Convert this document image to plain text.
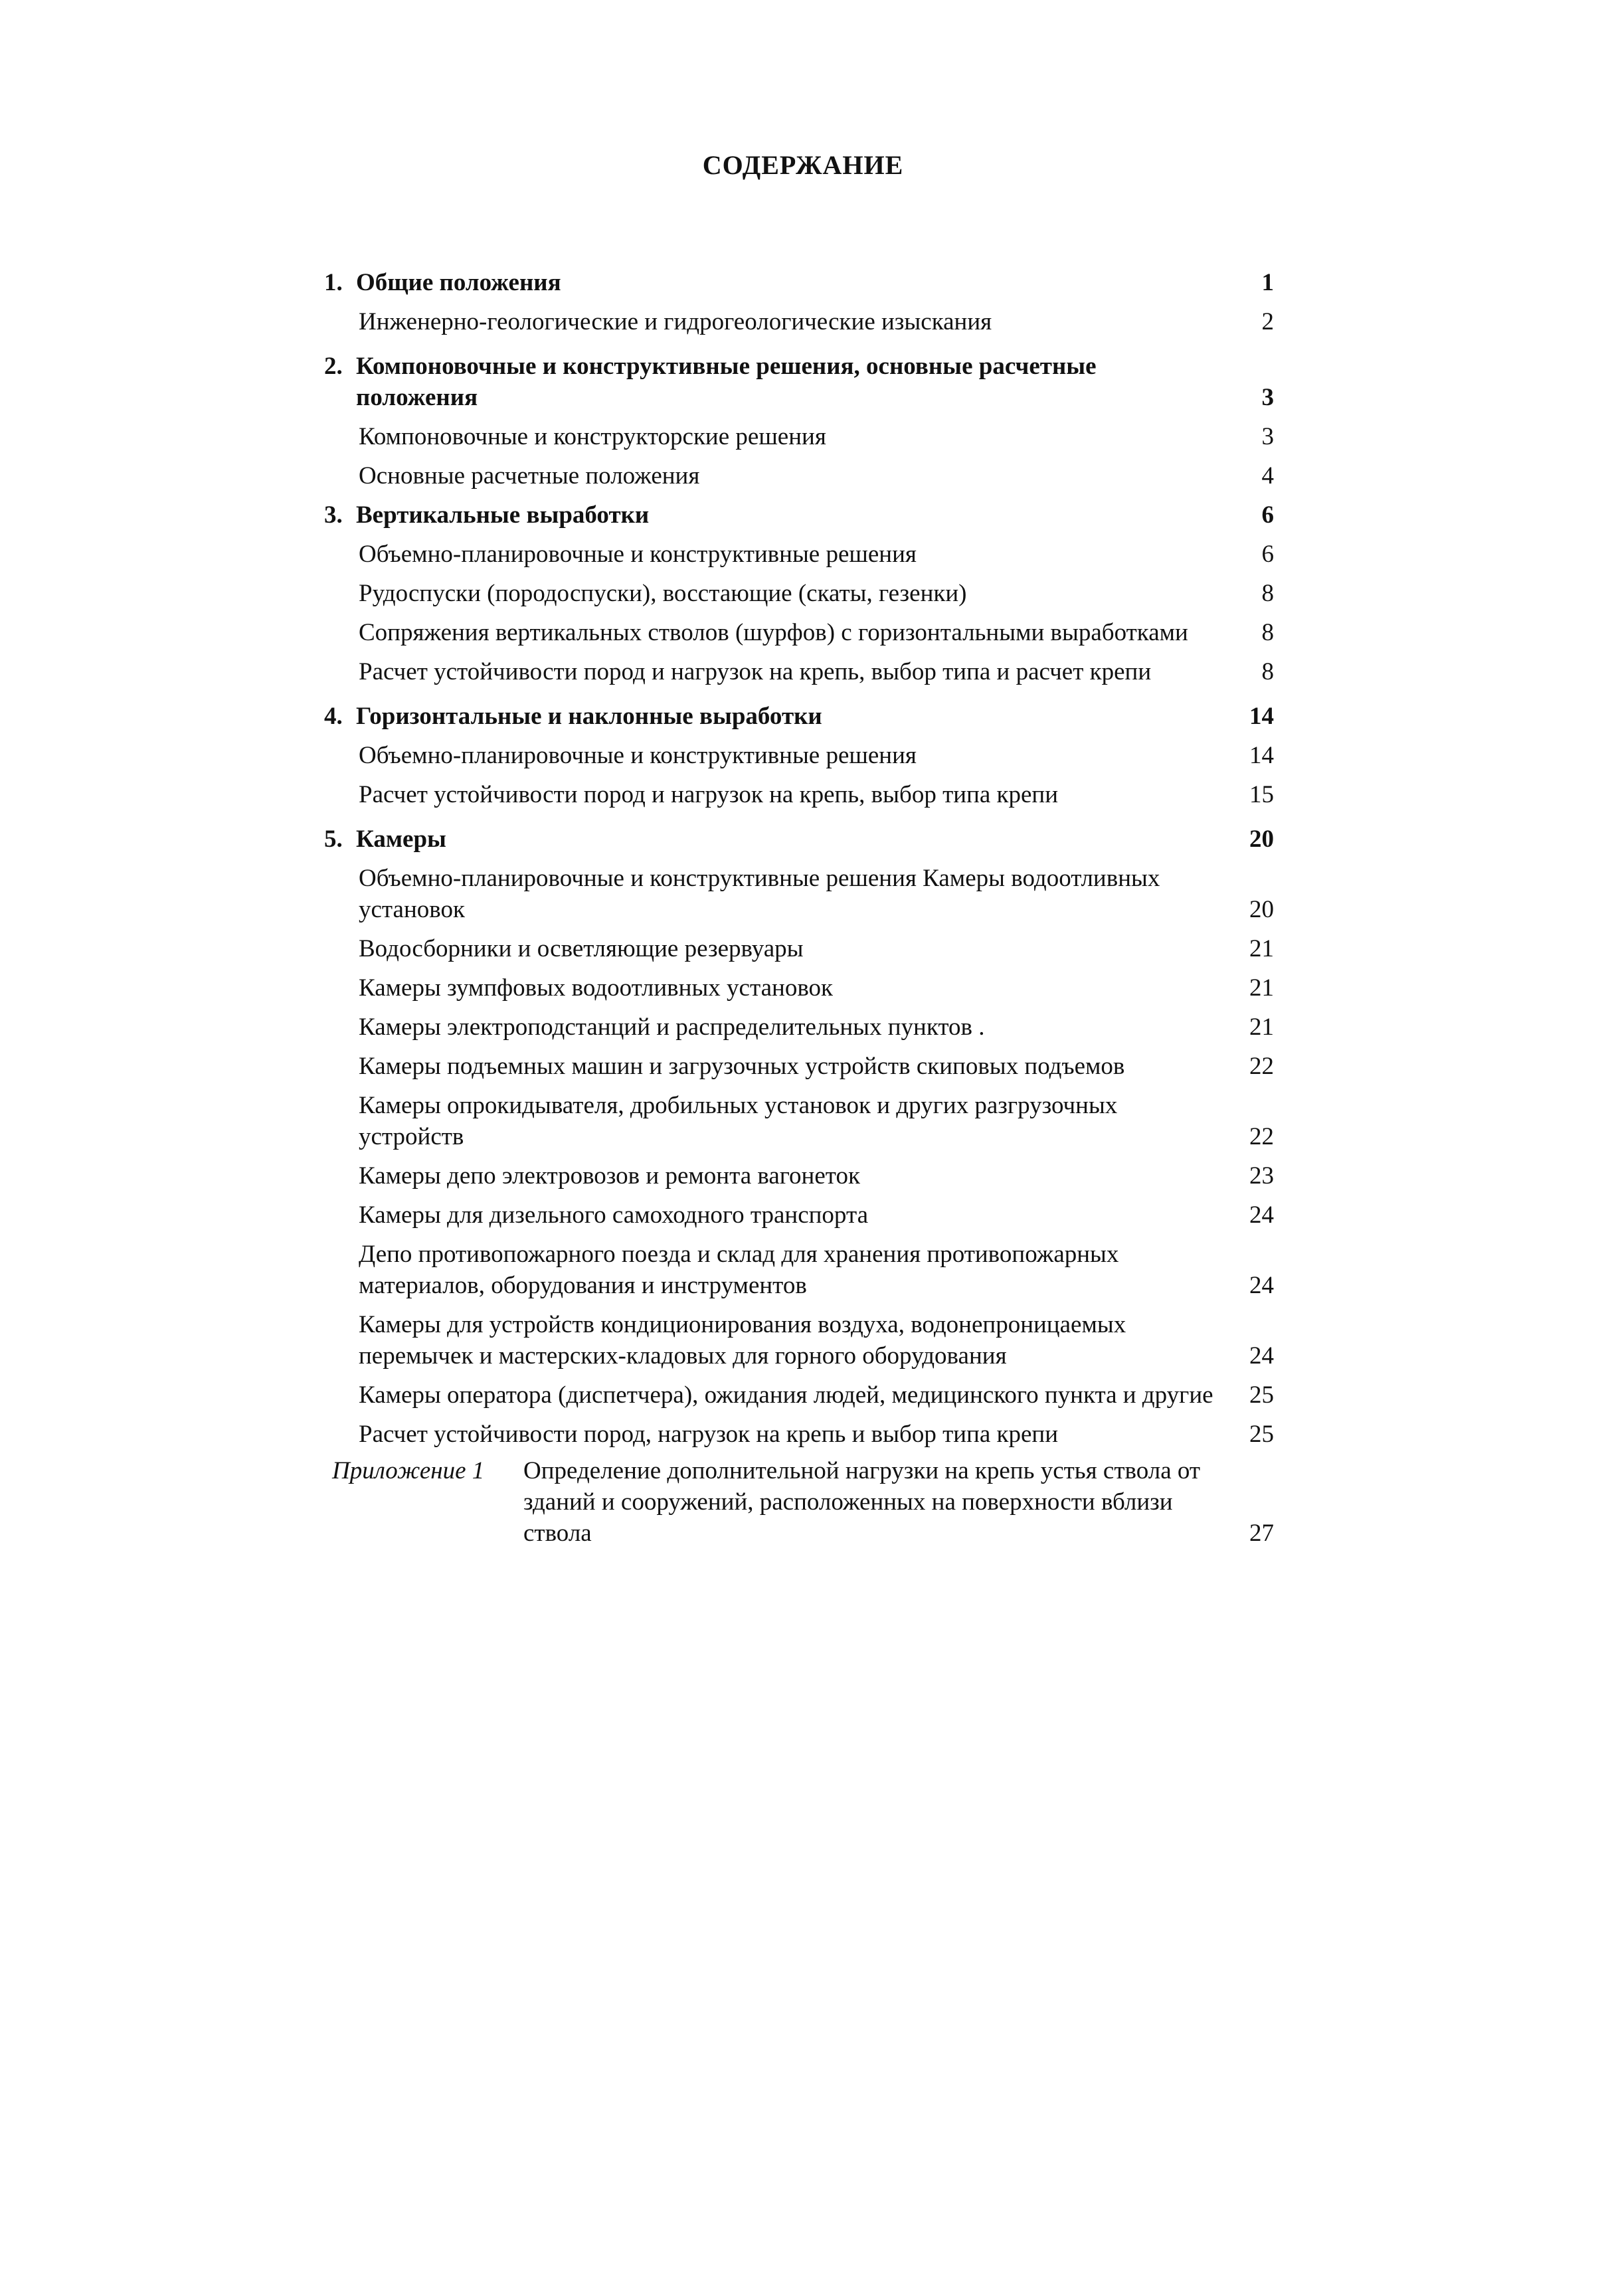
СОДЕРЖАНИЕ
1. Общие положения	1
Инженерно-геологические и гидрогеологические изыскания	2
2. Компоновочные и конструктивные решения, основные расчетные положения	3
Компоновочные и конструкторские решения	3
Основные расчетные положения	4
3. Вертикальные выработки	6
Объемно-планировочные и конструктивные решения	6
Рудоспуски (породоспуски), восстающие (скаты, гезенки)	8
Сопряжения вертикальных стволов (шурфов) с горизонтальными выработками	8
Расчет устойчивости пород и нагрузок на крепь, выбор типа и расчет крепи	8
4. Горизонтальные и наклонные выработки	14
Объемно-планировочные и конструктивные решения	14
Расчет устойчивости пород и нагрузок на крепь, выбор типа крепи	15
5. Камеры	20
Объемно-планировочные и конструктивные решения Камеры водоотливных установок	20
Водосборники и осветляющие резервуары	21
Камеры зумпфовых водоотливных установок	21
Камеры электроподстанций и распределительных пунктов .	21
Камеры подъемных машин и загрузочных устройств скиповых подъемов	22
Камеры опрокидывателя, дробильных установок и других разгрузочных устройств	22
Камеры депо электровозов и ремонта вагонеток	23
Камеры для дизельного самоходного транспорта	24
Депо противопожарного поезда и склад для хранения противопожарных материалов, оборудования и инструментов	24
Камеры для устройств кондиционирования воздуха, водонепроницаемых перемычек и мастерских-кладовых для горного оборудования	24
Камеры оператора (диспетчера), ожидания людей, медицинского пункта и другие	25
Расчет устойчивости пород, нагрузок на крепь и выбор типа крепи	25
Приложение 1 Определение дополнительной нагрузки на крепь устья ствола от зданий и сооружений, расположенных на поверхности вблизи ствола	27
